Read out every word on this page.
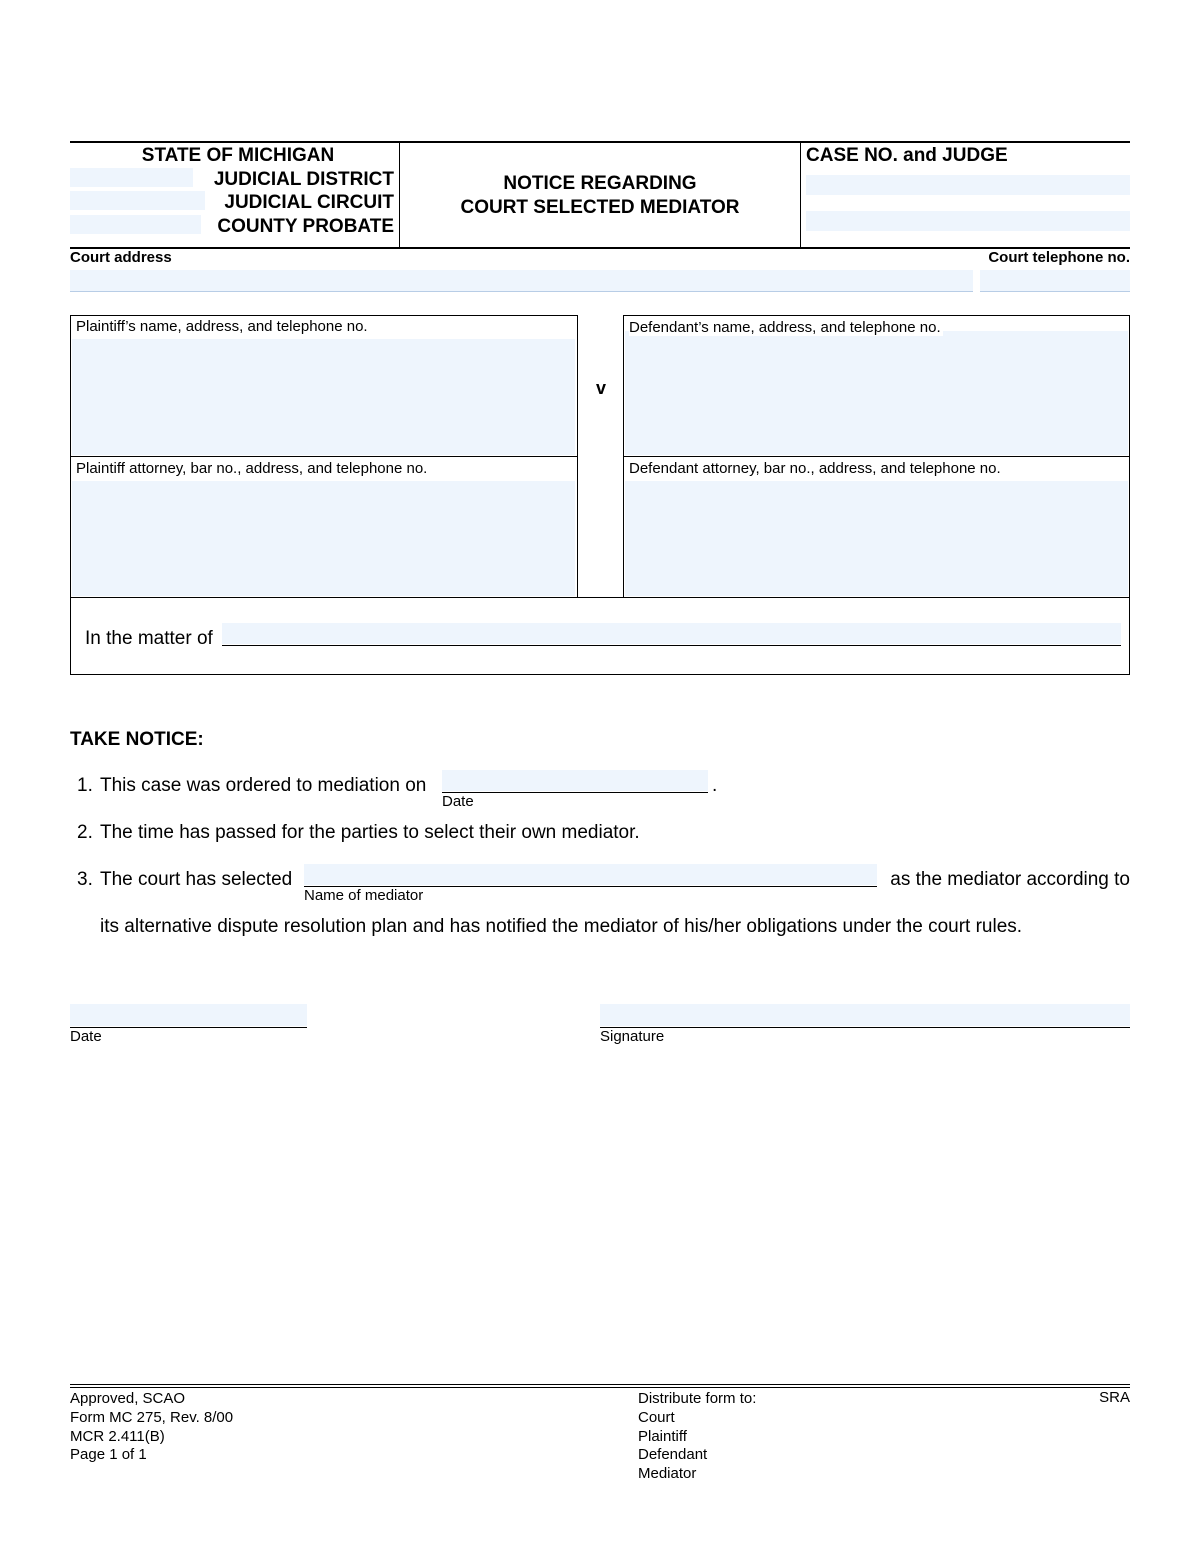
STATE OF MICHIGAN
JUDICIAL DISTRICT
JUDICIAL CIRCUIT
COUNTY PROBATE
NOTICE REGARDING
COURT SELECTED MEDIATOR
CASE NO. and JUDGE
Court address	Court telephone no.
Plaintiff’s name, address, and telephone no.
Plaintiff attorney, bar no., address, and telephone no.
v
Defendant’s name, address, and telephone no.
Defendant attorney, bar no., address, and telephone no.
In the matter of
TAKE NOTICE:
1. This case was ordered to mediation on	.
Date
2. The time has passed for the parties to select their own mediator.
3. The court has selected
Name of mediator
as the mediator according to
its alternative dispute resolution plan and has notified the mediator of his/her obligations under the court rules.
Date	Signature
Approved, SCAO
Form MC 275, Rev. 8/00
MCR 2.411(B)
Page 1 of 1
Distribute form to:
Court
Plaintiff
Defendant
Mediator
SRA
